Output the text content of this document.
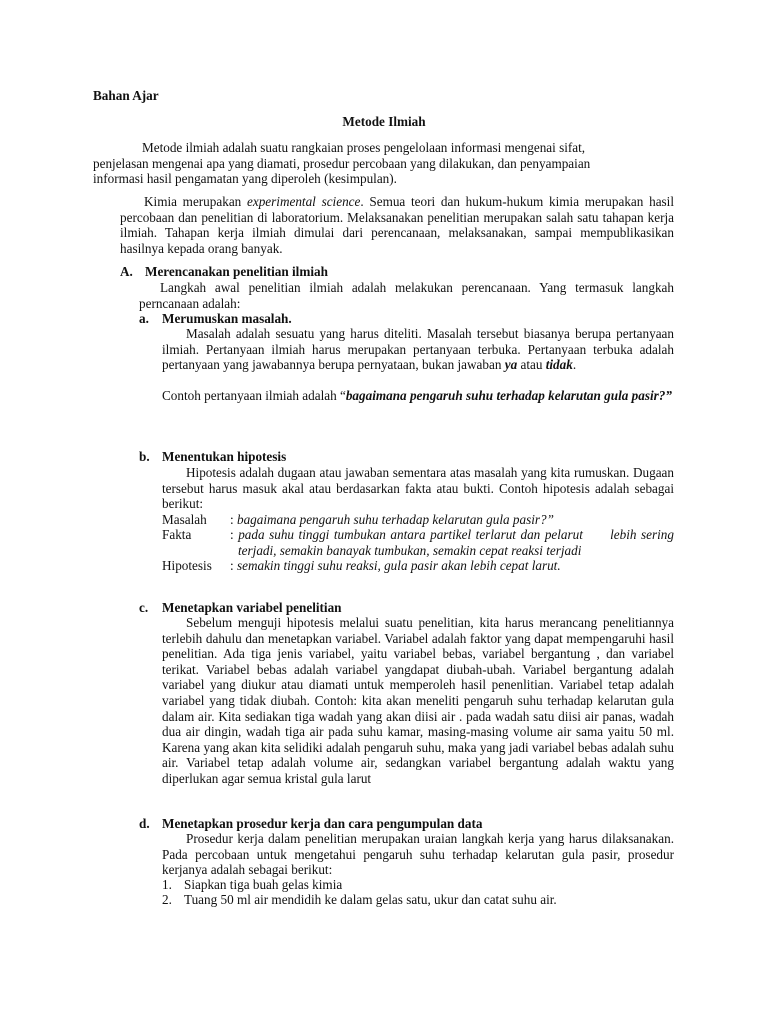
Bahan Ajar
Metode Ilmiah
Metode ilmiah adalah suatu rangkaian proses pengelolaan informasi mengenai sifat,
penjelasan mengenai apa yang diamati, prosedur percobaan yang dilakukan, dan penyampaian
informasi hasil pengamatan yang diperoleh (kesimpulan).

Kimia merupakan experimental science. Semua teori dan hukum-hukum kimia merupakan hasil percobaan dan penelitian di laboratorium. Melaksanakan penelitian merupakan salah satu tahapan kerja ilmiah. Tahapan kerja ilmiah dimulai dari perencanaan, melaksanakan, sampai mempublikasikan hasilnya kepada orang banyak.

A. Merencanakan penelitian ilmiah

Langkah awal penelitian ilmiah adalah melakukan perencanaan. Yang termasuk langkah perncanaan adalah:

a. Merumuskan masalah.

Masalah adalah sesuatu yang harus diteliti. Masalah tersebut biasanya berupa pertanyaan ilmiah. Pertanyaan ilmiah harus merupakan pertanyaan terbuka. Pertanyaan terbuka adalah pertanyaan yang jawabannya berupa pernyataan, bukan jawaban ya atau tidak.

Contoh pertanyaan ilmiah adalah “bagaimana pengaruh suhu terhadap kelarutan gula pasir?”

b. Menentukan hipotesis

Hipotesis adalah dugaan atau jawaban sementara atas masalah yang kita rumuskan. Dugaan tersebut harus masuk akal atau berdasarkan fakta atau bukti. Contoh hipotesis adalah sebagai berikut:

Masalah : bagaimana pengaruh suhu terhadap kelarutan gula pasir?”
Fakta	: pada suhu tinggi tumbukan antara partikel terlarut dan pelarut      lebih sering terjadi, semakin banayak tumbukan, semakin cepat reaksi terjadi

Hipotesis : semakin tinggi suhu reaksi, gula pasir akan lebih cepat larut.
c. Menetapkan variabel penelitian

Sebelum menguji hipotesis melalui suatu penelitian, kita harus merancang penelitiannya terlebih dahulu dan menetapkan variabel. Variabel adalah faktor yang dapat mempengaruhi hasil penelitian. Ada tiga jenis variabel, yaitu variabel bebas, variabel bergantung , dan variabel terikat. Variabel bebas adalah variabel yangdapat diubah-ubah. Variabel bergantung adalah variabel yang diukur atau diamati untuk memperoleh hasil penenlitian. Variabel tetap adalah variabel yang tidak diubah. Contoh: kita akan meneliti pengaruh suhu terhadap kelarutan gula dalam air. Kita sediakan tiga wadah yang akan diisi air . pada wadah satu diisi air panas, wadah dua air dingin, wadah tiga air pada suhu kamar, masing-masing volume air sama yaitu 50 ml. Karena yang akan kita selidiki adalah pengaruh suhu, maka yang jadi variabel bebas adalah suhu air. Variabel tetap adalah volume air, sedangkan variabel bergantung adalah waktu yang diperlukan agar semua kristal gula larut

d. Menetapkan prosedur kerja dan cara pengumpulan data

Prosedur kerja dalam penelitian merupakan uraian langkah kerja yang harus dilaksanakan. Pada percobaan untuk mengetahui pengaruh suhu terhadap kelarutan gula pasir, prosedur kerjanya adalah sebagai berikut:

1. Siapkan tiga buah gelas kimia
2. Tuang 50 ml air mendidih ke dalam gelas satu, ukur dan catat suhu air.
